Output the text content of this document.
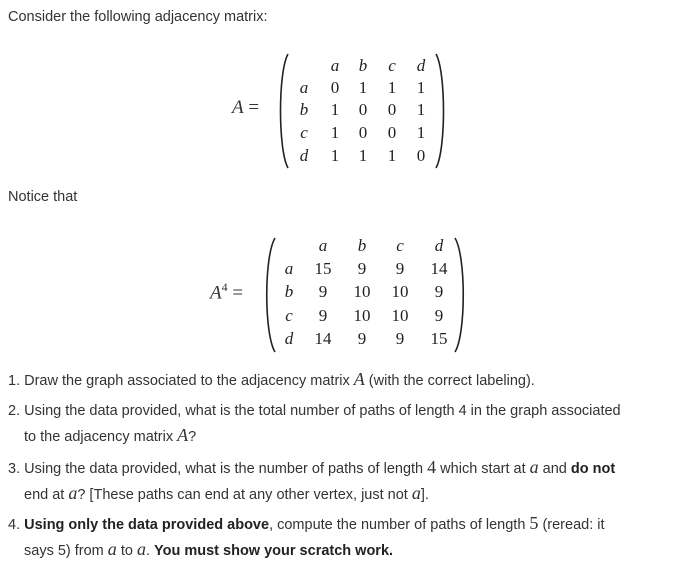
Consider the following adjacency matrix:
A =
a b c d
a 0 1 1 1
b 1 0 0 1
c 1 0 0 1
d 1 1 1 0
Notice that
$A^4$ =
a b c d
a 15 9 9 14
b 9 10 10 9
c 9 10 10 9
d 14 9 9 15
1. Draw the graph associated to the adjacency matrix A (with the correct labeling).
2. Using the data provided, what is the total number of paths of length 4 in the graph associated
to the adjacency matrix A?
3. Using the data provided, what is the number of paths of length 4 which start at a and do not
end at a? [These paths can end at any other vertex, just not a].
4. Using only the data provided above, compute the number of paths of length 5 (reread: it
says 5) from a to a. You must show your scratch work.
